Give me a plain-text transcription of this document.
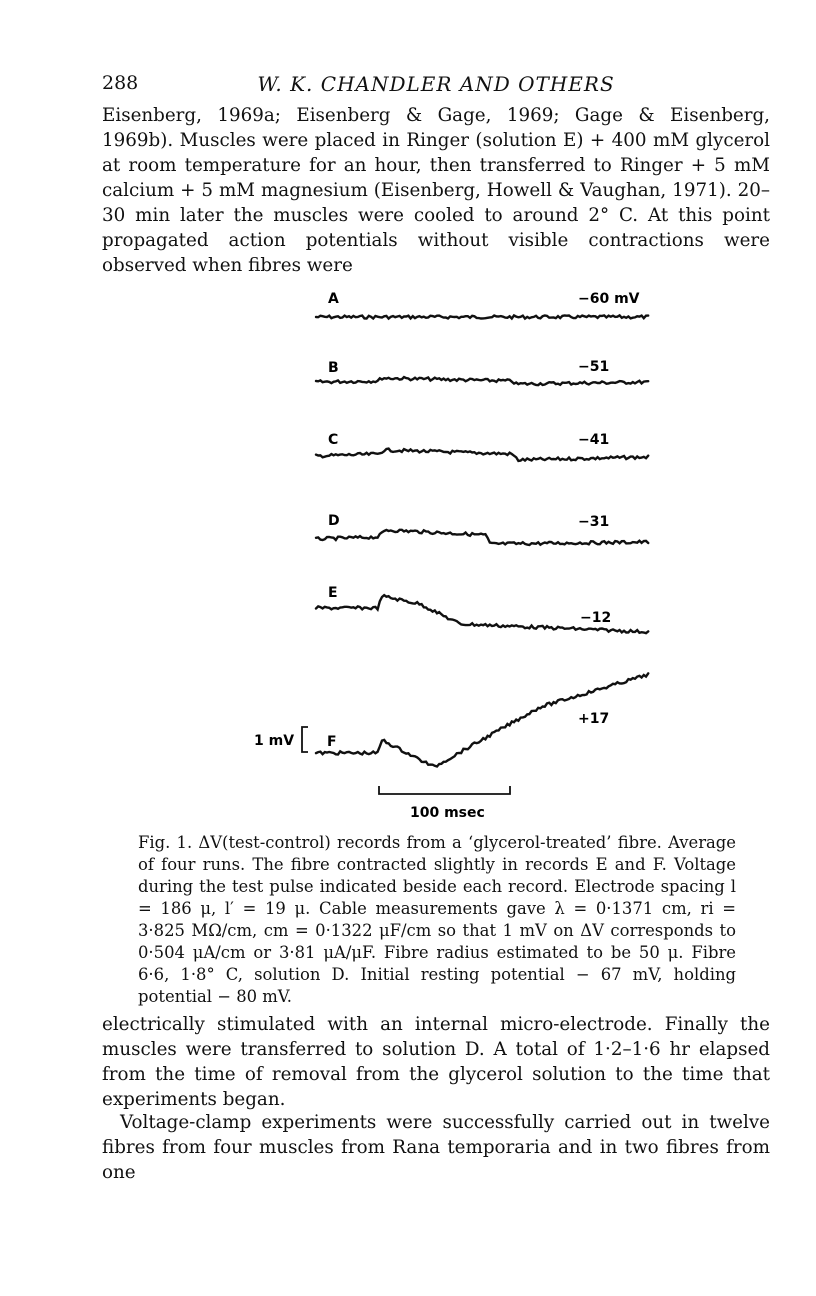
288	W. K. CHANDLER AND OTHERS

Eisenberg, 1969a; Eisenberg & Gage, 1969; Gage & Eisenberg, 1969b). Muscles were placed in Ringer (solution E) + 400 mM glycerol at room temperature for an hour, then transferred to Ringer + 5 mM calcium + 5 mM magnesium (Eisenberg, Howell & Vaughan, 1971). 20–30 min later the muscles were cooled to around 2° C. At this point propagated action potentials without visible contractions were observed when fibres were

A
B
C
D
E
F
−60 mV
−51
−41
−31
−12
+17
1 mV
100 msec

Fig. 1. ΔV(test-control) records from a ‘glycerol-treated’ fibre. Average of four runs. The fibre contracted slightly in records E and F. Voltage during the test pulse indicated beside each record. Electrode spacing l = 186 μ, l′ = 19 μ. Cable measurements gave λ = 0·1371 cm, ri = 3·825 MΩ/cm, cm = 0·1322 μF/cm so that 1 mV on ΔV corresponds to 0·504 μA/cm or 3·81 μA/μF. Fibre radius estimated to be 50 μ. Fibre 6·6, 1·8° C, solution D. Initial resting potential − 67 mV, holding potential − 80 mV.

electrically stimulated with an internal micro-electrode. Finally the muscles were transferred to solution D. A total of 1·2–1·6 hr elapsed from the time of removal from the glycerol solution to the time that experiments began.

Voltage-clamp experiments were successfully carried out in twelve fibres from four muscles from Rana temporaria and in two fibres from one
